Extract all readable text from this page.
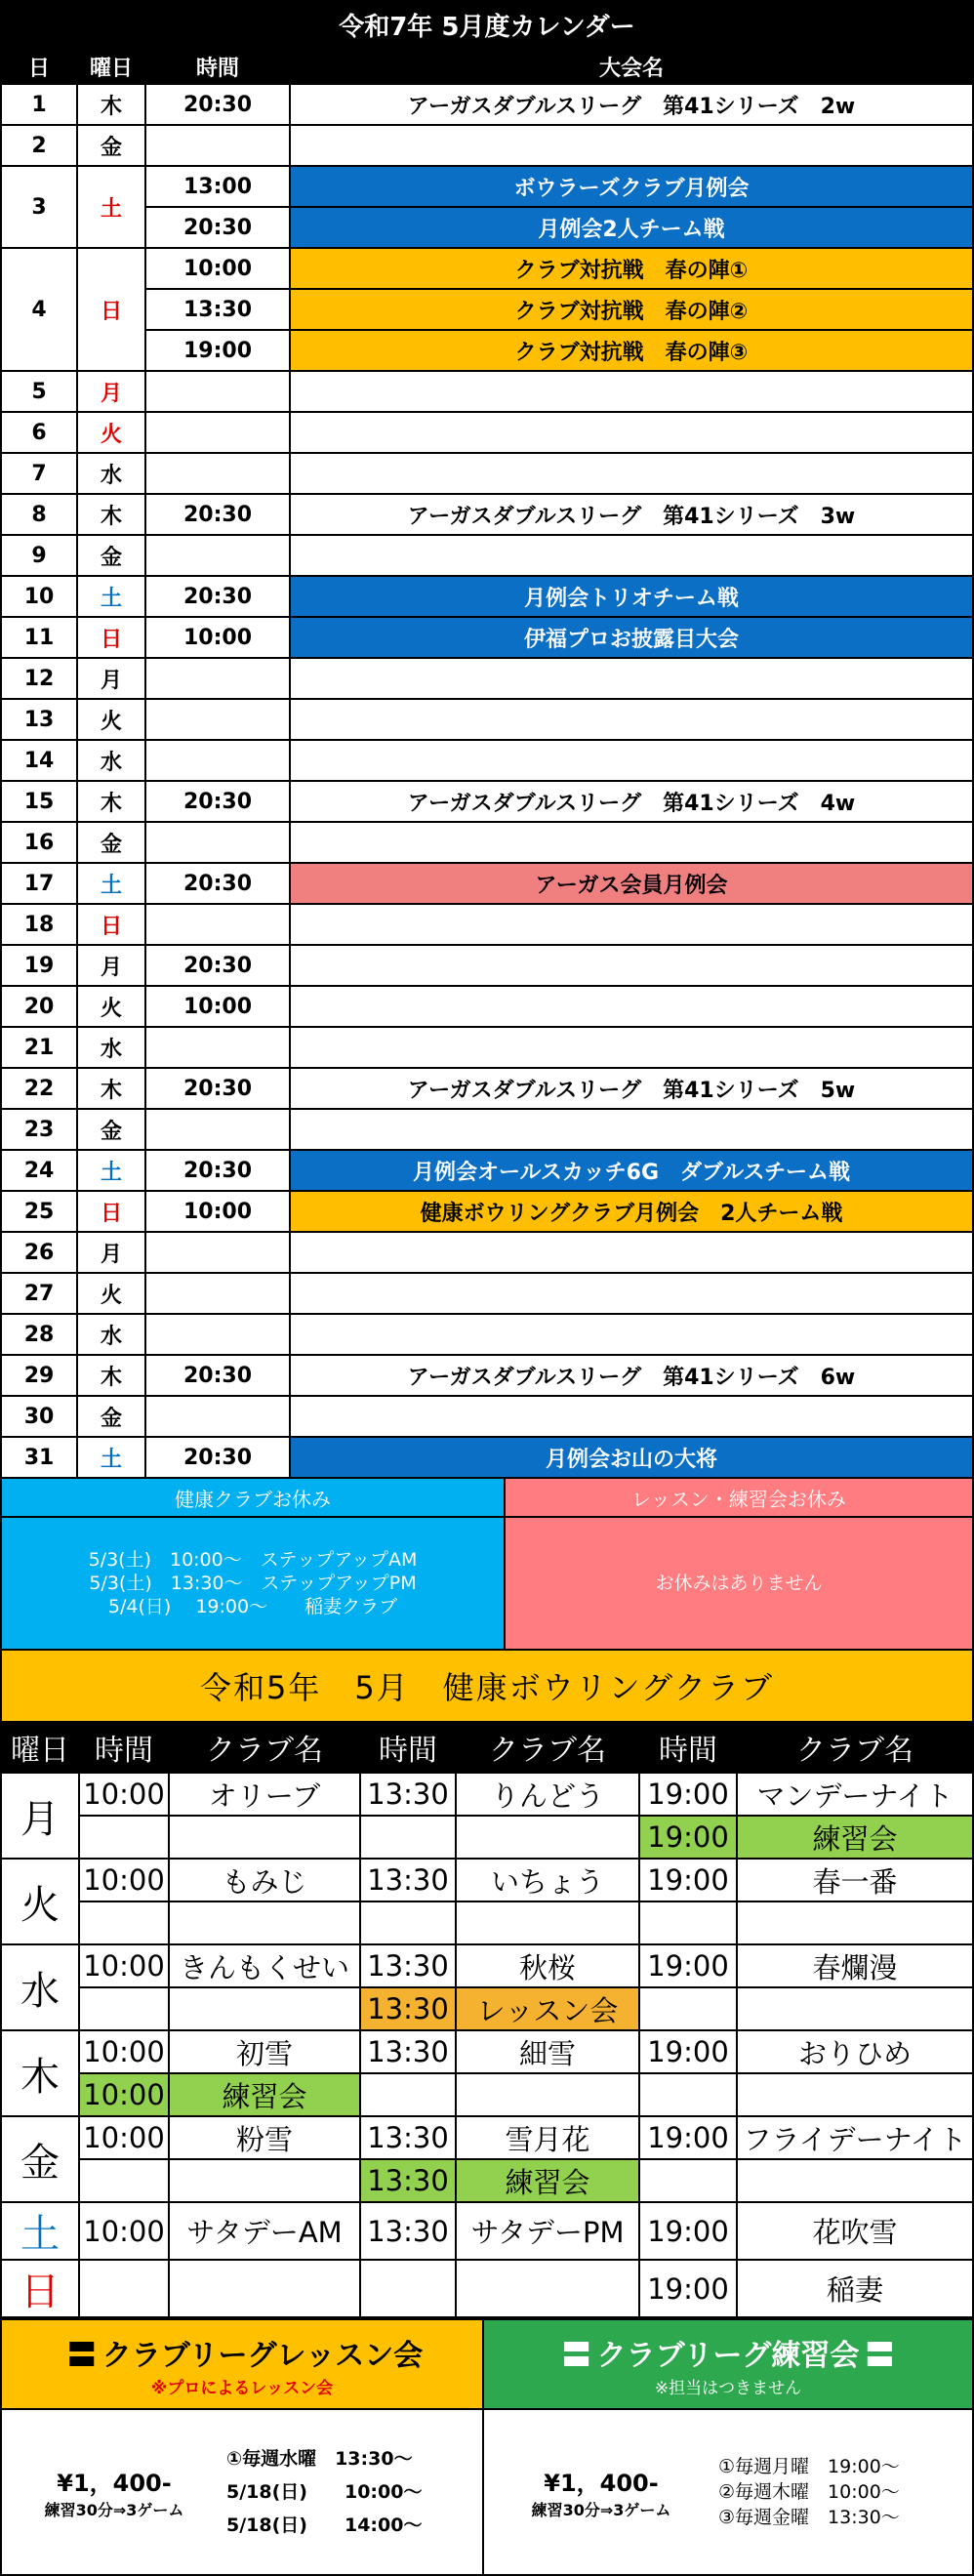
令和7年 5月度カレンダー
日	曜日	時間	大会名
1	木	20:30	アーガスダブルスリーグ　第41シリーズ　2w
2	金		
3	土	13:00	ボウラーズクラブ月例会
		20:30	月例会2人チーム戦
4	日	10:00	クラブ対抗戦　春の陣①
		13:30	クラブ対抗戦　春の陣②
		19:00	クラブ対抗戦　春の陣③
5	月		
6	火		
7	水		
8	木	20:30	アーガスダブルスリーグ　第41シリーズ　3w
9	金		
10	土	20:30	月例会トリオチーム戦
11	日	10:00	伊福プロお披露目大会
12	月		
13	火		
14	水		
15	木	20:30	アーガスダブルスリーグ　第41シリーズ　4w
16	金		
17	土	20:30	アーガス会員月例会
18	日		
19	月	20:30	
20	火	10:00	
21	水		
22	木	20:30	アーガスダブルスリーグ　第41シリーズ　5w
23	金		
24	土	20:30	月例会オールスカッチ6G　ダブルスチーム戦
25	日	10:00	健康ボウリングクラブ月例会　2人チーム戦
26	月		
27	火		
28	水		
29	木	20:30	アーガスダブルスリーグ　第41シリーズ　6w
30	金		
31	土	20:30	月例会お山の大将
健康クラブお休み
5/3(土)　10:00～　ステップアップAM
5/3(土)　13:30～　ステップアップPM
5/4(日)　 19:00～　　稲妻クラブ
レッスン・練習会お休み
お休みはありません
令和5年　5月　健康ボウリングクラブ
曜日	時間	クラブ名	時間	クラブ名	時間	クラブ名
月	10:00	オリーブ	13:30	りんどう	19:00	マンデーナイト
					19:00	練習会
火	10:00	もみじ	13:30	いちょう	19:00	春一番

水	10:00	きんもくせい	13:30	秋桜	19:00	春爛漫
			13:30	レッスン会		
木	10:00	初雪	13:30	細雪	19:00	おりひめ
	10:00	練習会				
金	10:00	粉雪	13:30	雪月花	19:00	フライデーナイト
			13:30	練習会		
土	10:00	サタデーAM	13:30	サタデーPM	19:00	花吹雪
日					19:00	稲妻
〓 クラブリーグレッスン会
※プロによるレッスン会
¥1，400-
練習30分⇒3ゲーム
①毎週水曜　13:30～
5/18(日)　　10:00～
5/18(日)　　14:00～
〓 クラブリーグ練習会 〓
※担当はつきません
¥1，400-
練習30分⇒3ゲーム
①毎週月曜　19:00～
②毎週木曜　10:00～
③毎週金曜　13:30～
